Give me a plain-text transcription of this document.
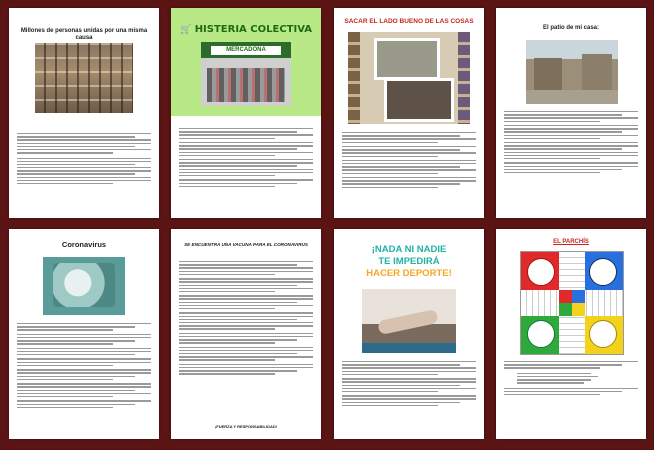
Millones de personas unidas por una misma causa
🛒 HISTERIA COLECTIVA
MERCADONA
SACAR EL LADO BUENO DE LAS COSAS
El patio de mi casa:
Coronavirus	SE ENCUENTRA UNA VACUNA PARA EL CORONAVIRUS
¡FUERZA Y RESPONSABILIDAD!
¡NADA NI NADIE
TE IMPEDIRÁ
HACER DEPORTE!
EL PARCHÍS
